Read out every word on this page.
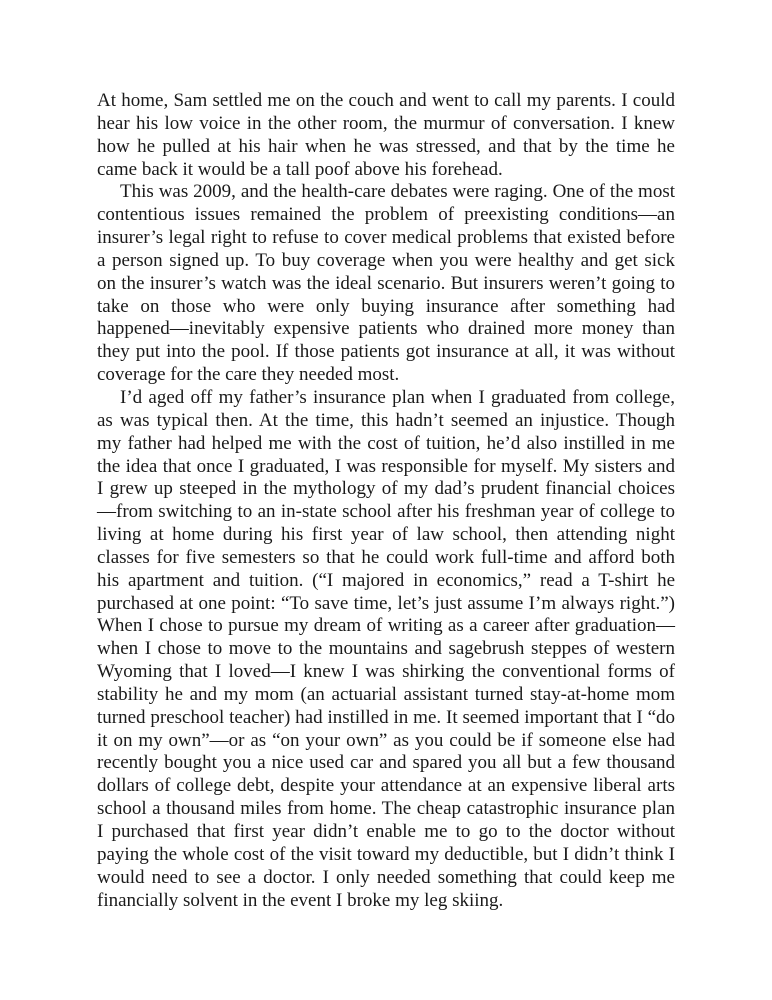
At home, Sam settled me on the couch and went to call my parents. I could hear his low voice in the other room, the murmur of conversation. I knew how he pulled at his hair when he was stressed, and that by the time he came back it would be a tall poof above his forehead.

This was 2009, and the health-care debates were raging. One of the most contentious issues remained the problem of preexisting conditions—an insurer’s legal right to refuse to cover medical problems that existed before a person signed up. To buy coverage when you were healthy and get sick on the insurer’s watch was the ideal scenario. But insurers weren’t going to take on those who were only buying insurance after something had happened—inevitably expensive patients who drained more money than they put into the pool. If those patients got insurance at all, it was without coverage for the care they needed most.

I’d aged off my father’s insurance plan when I graduated from college, as was typical then. At the time, this hadn’t seemed an injustice. Though my father had helped me with the cost of tuition, he’d also instilled in me the idea that once I graduated, I was responsible for myself. My sisters and I grew up steeped in the mythology of my dad’s prudent financial choices—from switching to an in-state school after his freshman year of college to living at home during his first year of law school, then attending night classes for five semesters so that he could work full-time and afford both his apartment and tuition. (“I majored in economics,” read a T-shirt he purchased at one point: “To save time, let’s just assume I’m always right.”) When I chose to pursue my dream of writing as a career after graduation—when I chose to move to the mountains and sagebrush steppes of western Wyoming that I loved—I knew I was shirking the conventional forms of stability he and my mom (an actuarial assistant turned stay-at-home mom turned preschool teacher) had instilled in me. It seemed important that I “do it on my own”—or as “on your own” as you could be if someone else had recently bought you a nice used car and spared you all but a few thousand dollars of college debt, despite your attendance at an expensive liberal arts school a thousand miles from home. The cheap catastrophic insurance plan I purchased that first year didn’t enable me to go to the doctor without paying the whole cost of the visit toward my deductible, but I didn’t think I would need to see a doctor. I only needed something that could keep me financially solvent in the event I broke my leg skiing.
